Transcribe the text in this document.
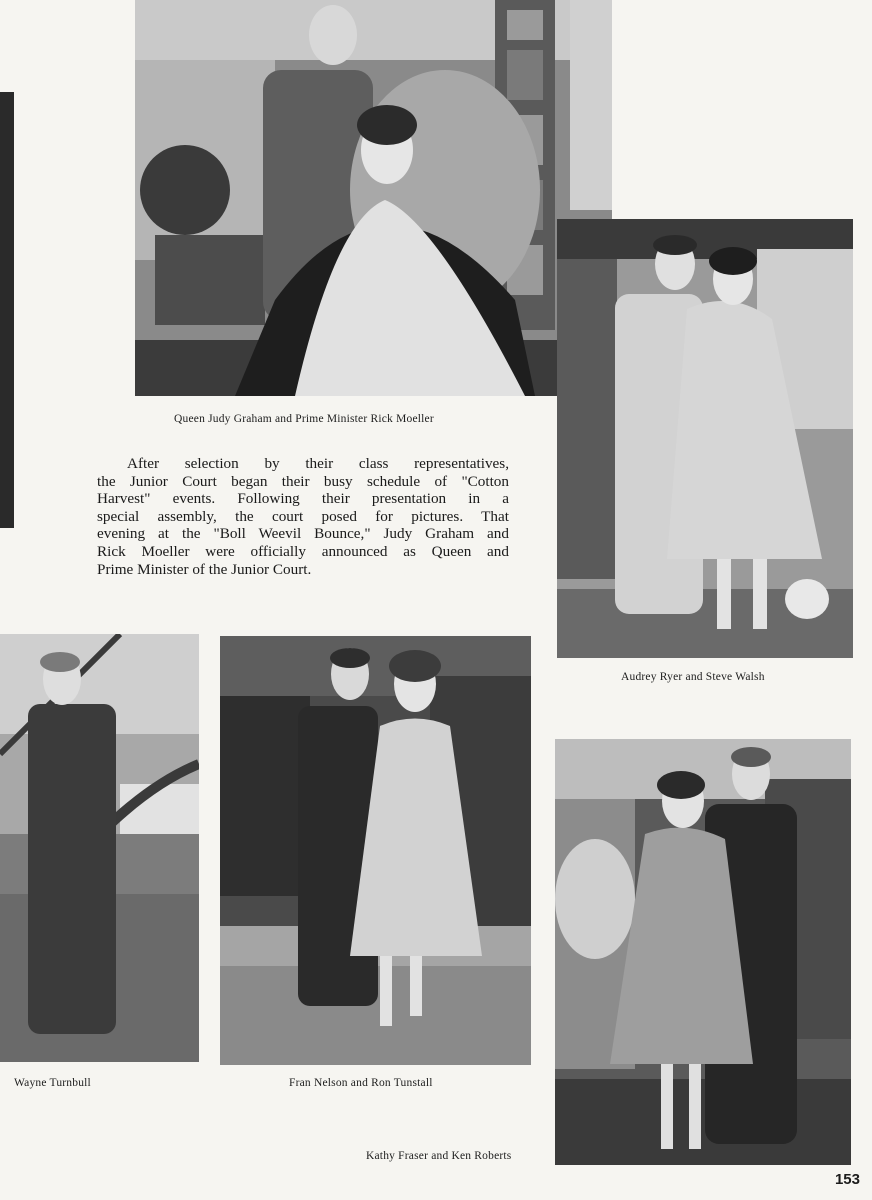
Queen Judy Graham and Prime Minister Rick Moeller
After selection by their class representatives,
the Junior Court began their busy schedule of "Cotton
Harvest" events. Following their presentation in a
special assembly, the court posed for pictures. That
evening at the "Boll Weevil Bounce," Judy Graham and
Rick Moeller were officially announced as Queen and
Prime Minister of the Junior Court.
Audrey Ryer and Steve Walsh
Wayne Turnbull	Fran Nelson and Ron Tunstall
Kathy Fraser and Ken Roberts
153
